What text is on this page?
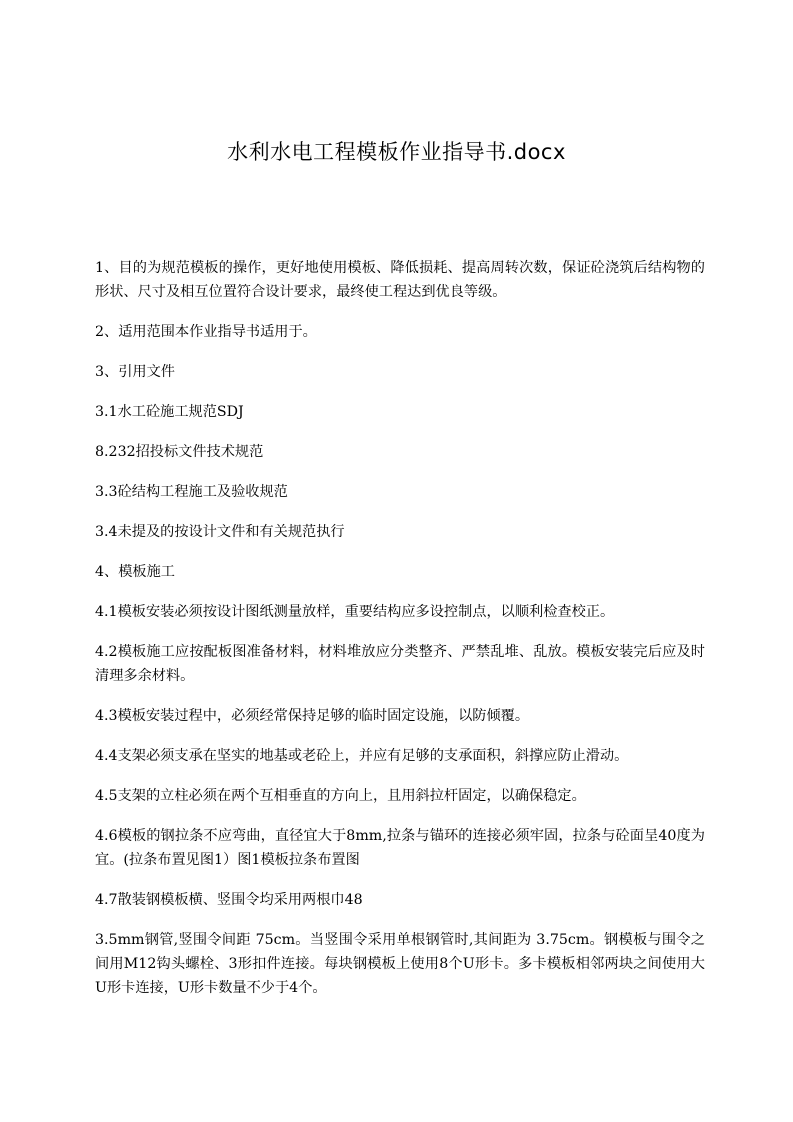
水利水电工程模板作业指导书.docx

1、目的为规范模板的操作，更好地使用模板、降低损耗、提高周转次数，保证砼浇筑后结构物的形状、尺寸及相互位置符合设计要求，最终使工程达到优良等级。

2、适用范围本作业指导书适用于。

3、引用文件

3.1水工砼施工规范SDJ

8.232招投标文件技术规范

3.3砼结构工程施工及验收规范

3.4未提及的按设计文件和有关规范执行

4、模板施工

4.1模板安装必须按设计图纸测量放样，重要结构应多设控制点，以顺利检查校正。

4.2模板施工应按配板图准备材料，材料堆放应分类整齐、严禁乱堆、乱放。模板安装完后应及时清理多余材料。

4.3模板安装过程中，必须经常保持足够的临时固定设施，以防倾覆。

4.4支架必须支承在坚实的地基或老砼上，并应有足够的支承面积，斜撑应防止滑动。

4.5支架的立柱必须在两个互相垂直的方向上，且用斜拉杆固定，以确保稳定。

4.6模板的钢拉条不应弯曲，直径宜大于8mm,拉条与锚环的连接必须牢固，拉条与砼面呈40度为宜。(拉条布置见图1）图1模板拉条布置图

4.7散装钢模板横、竖围令均采用两根巾48

3.5mm钢管,竖围令间距 75cm。当竖围令采用单根钢管时,其间距为 3.75cm。钢模板与围令之间用M12钩头螺栓、3形扣件连接。每块钢模板上使用8个U形卡。多卡模板相邻两块之间使用大U形卡连接，U形卡数量不少于4个。
